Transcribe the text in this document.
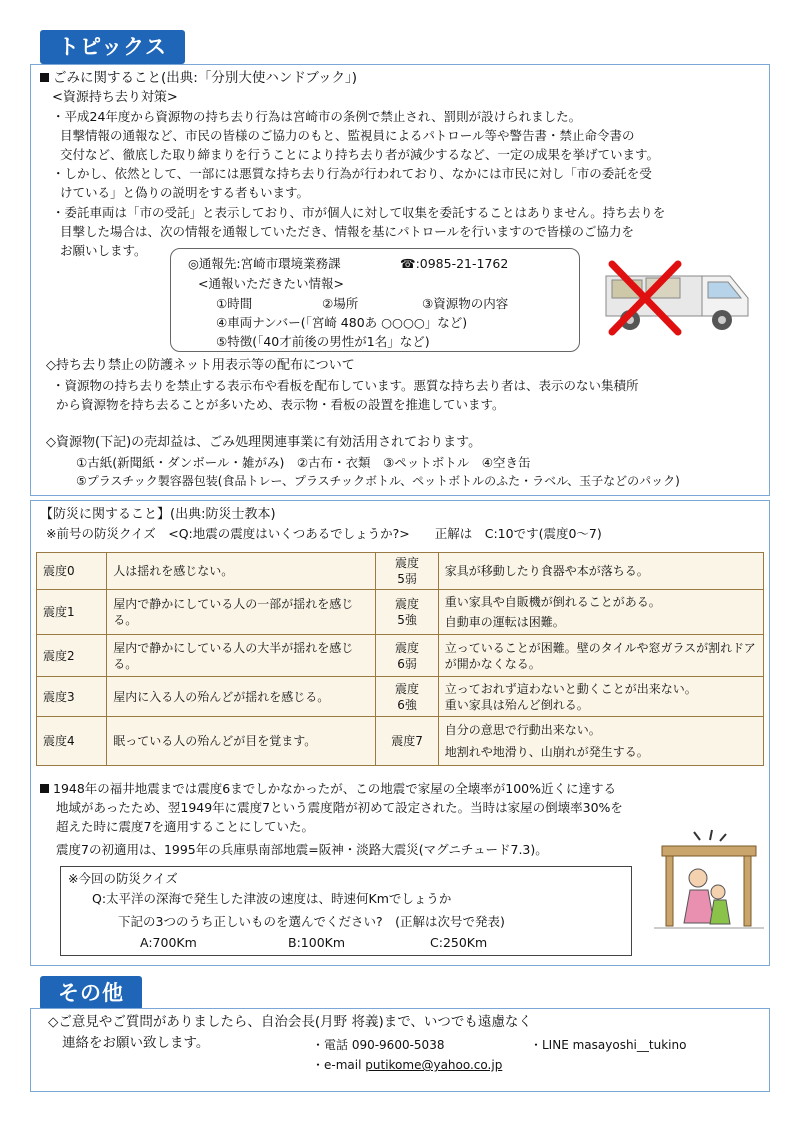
トピックス
ごみに関すること(出典:「分別大使ハンドブック」)
<資源持ち去り対策>
・平成24年度から資源物の持ち去り行為は宮崎市の条例で禁止され、罰則が設けられました。
目撃情報の通報など、市民の皆様のご協力のもと、監視員によるパトロール等や警告書・禁止命令書の
交付など、徹底した取り締まりを行うことにより持ち去り者が減少するなど、一定の成果を挙げています。
・しかし、依然として、一部には悪質な持ち去り行為が行われており、なかには市民に対し「市の委託を受
けている」と偽りの説明をする者もいます。
・委託車両は「市の受託」と表示しており、市が個人に対して収集を委託することはありません。持ち去りを
目撃した場合は、次の情報を通報していただき、情報を基にパトロールを行いますので皆様のご協力を
お願いします。
◎通報先:宮崎市環境業務課	☎:0985-21-1762
<通報いただきたい情報>
①時間	②場所	③資源物の内容
④車両ナンバー(「宮崎 480あ ○○○○」など)
⑤特徴(「40才前後の男性が1名」など)
◇持ち去り禁止の防護ネット用表示等の配布について
・資源物の持ち去りを禁止する表示布や看板を配布しています。悪質な持ち去り者は、表示のない集積所
から資源物を持ち去ることが多いため、表示物・看板の設置を推進しています。
◇資源物(下記)の売却益は、ごみ処理関連事業に有効活用されております。
①古紙(新聞紙・ダンボール・雑がみ)　②古布・衣類　③ペットボトル　④空き缶
⑤プラスチック製容器包装(食品トレー、プラスチックボトル、ペットボトルのふた・ラベル、玉子などのパック)
【防災に関すること】(出典:防災士教本)
※前号の防災クイズ　<Q:地震の震度はいくつあるでしょうか?>　　正解は　C:10です(震度0〜7)
震度0	人は揺れを感じない。	震度
5弱	家具が移動したり食器や本が落ちる。
震度1	屋内で静かにしている人の一部が揺れを感じる。	震度
5強	重い家具や自販機が倒れることがある。
自動車の運転は困難。
震度2	屋内で静かにしている人の大半が揺れを感じる。	震度
6弱	立っていることが困難。壁のタイルや窓ガラスが割れドアが開かなくなる。
震度3	屋内に入る人の殆んどが揺れを感じる。	震度
6強	立っておれず這わないと動くことが出来ない。
重い家具は殆んど倒れる。
震度4	眠っている人の殆んどが目を覚ます。	震度7	自分の意思で行動出来ない。
地割れや地滑り、山崩れが発生する。
1948年の福井地震までは震度6までしかなかったが、この地震で家屋の全壊率が100%近くに達する
地域があったため、翌1949年に震度7という震度階が初めて設定された。当時は家屋の倒壊率30%を
超えた時に震度7を適用することにしていた。
震度7の初適用は、1995年の兵庫県南部地震=阪神・淡路大震災(マグニチュード7.3)。
※今回の防災クイズ
Q:太平洋の深海で発生した津波の速度は、時速何Kmでしょうか
下記の3つのうち正しいものを選んでください?　(正解は次号で発表)
A:700Km	B:100Km	C:250Km
その他
◇ご意見やご質問がありましたら、自治会長(月野 将義)まで、いつでも遠慮なく
連絡をお願い致します。	・電話 090-9600-5038	・LINE masayoshi__tukino
・e-mail putikome@yahoo.co.jp
